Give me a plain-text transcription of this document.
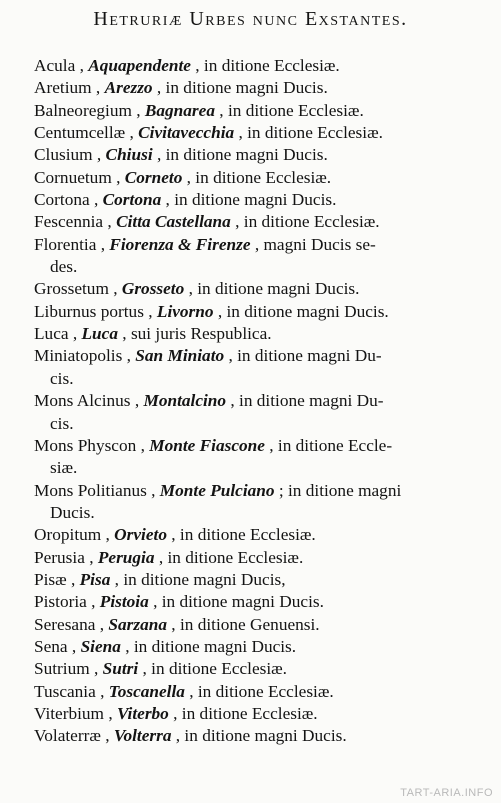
Hetruriæ Urbes nunc Exstantes.
Acula , Aquapendente , in ditione Ecclesiæ.
Aretium , Arezzo , in ditione magni Ducis.
Balneoregium , Bagnarea , in ditione Ecclesiæ.
Centumcellæ , Civitavecchia , in ditione Ecclesiæ.
Clusium , Chiusi , in ditione magni Ducis.
Cornuetum , Corneto , in ditione Ecclesiæ.
Cortona , Cortona , in ditione magni Ducis.
Fescennia , Citta Castellana , in ditione Ecclesiæ.
Florentia , Fiorenza & Firenze , magni Ducis se-
des.
Grossetum , Grosseto , in ditione magni Ducis.
Liburnus portus , Livorno , in ditione magni Ducis.
Luca , Luca , sui juris Respublica.
Miniatopolis , San Miniato , in ditione magni Du-
cis.
Mons Alcinus , Montalcino , in ditione magni Du-
cis.
Mons Physcon , Monte Fiascone , in ditione Eccle-
siæ.
Mons Politianus , Monte Pulciano ; in ditione magni
Ducis.
Oropitum , Orvieto , in ditione Ecclesiæ.
Perusia , Perugia , in ditione Ecclesiæ.
Pisæ , Pisa , in ditione magni Ducis,
Pistoria , Pistoia , in ditione magni Ducis.
Seresana , Sarzana , in ditione Genuensi.
Sena , Siena , in ditione magni Ducis.
Sutrium , Sutri , in ditione Ecclesiæ.
Tuscania , Toscanella , in ditione Ecclesiæ.
Viterbium , Viterbo , in ditione Ecclesiæ.
Volaterræ , Volterra , in ditione magni Ducis.
TART-ARIA.INFO
